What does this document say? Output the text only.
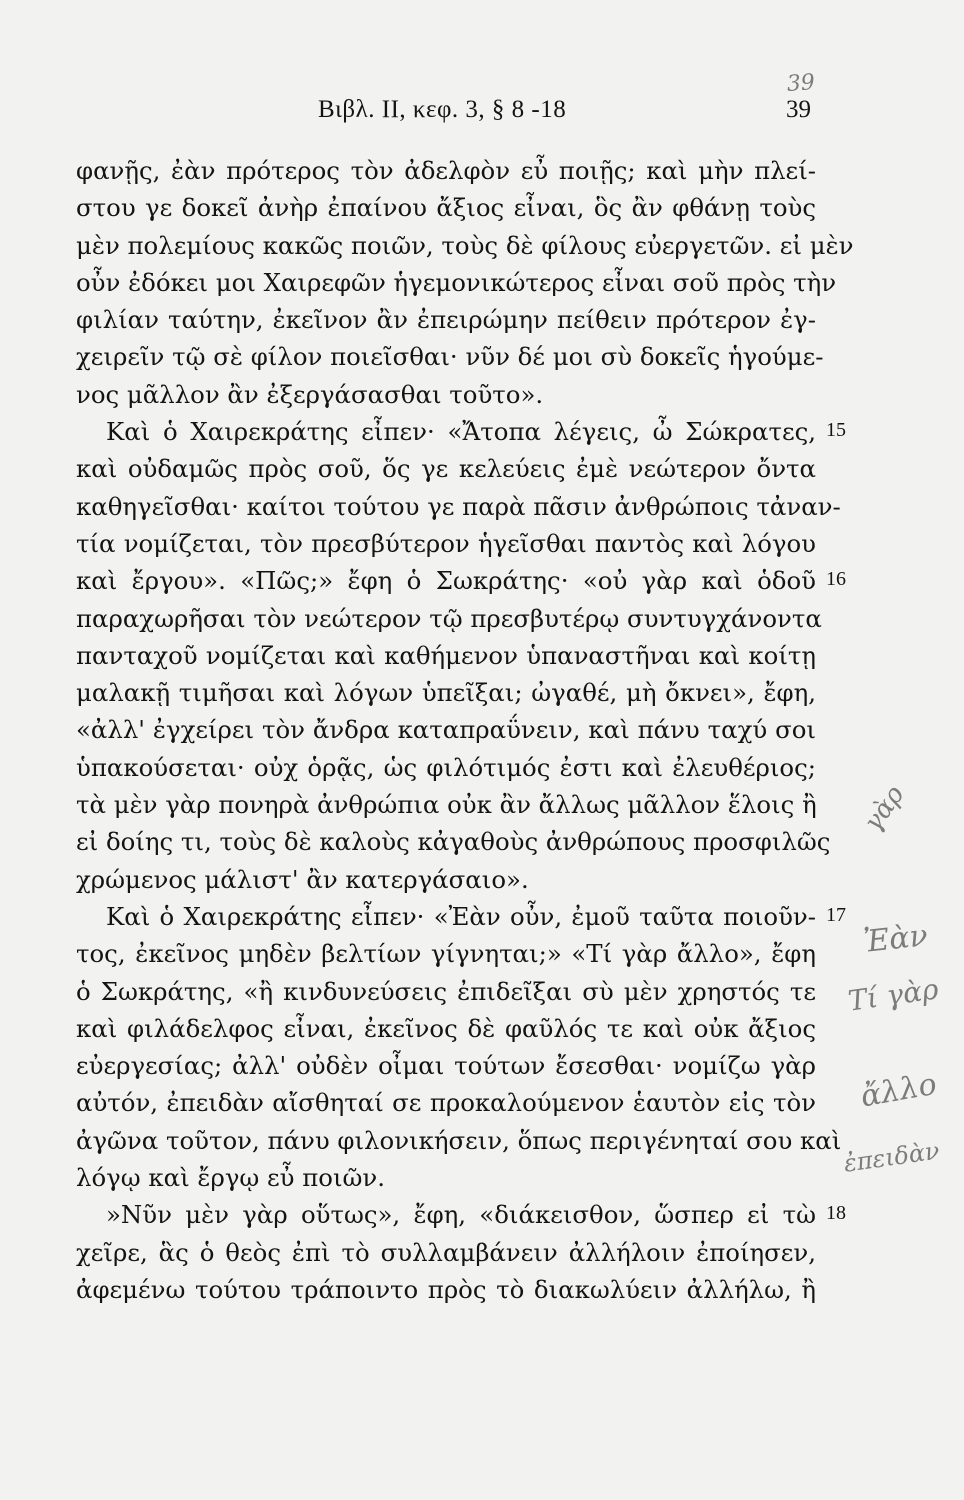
Βιβλ. ΙΙ, κεφ. 3, § 8 -18	39
φανῇς, ἐὰν πρότερος τὸν ἀδελφὸν εὖ ποιῇς; καὶ μὴν πλεί-
στου γε δοκεῖ ἀνὴρ ἐπαίνου ἄξιος εἶναι, ὃς ἂν φθάνῃ τοὺς
μὲν πολεμίους κακῶς ποιῶν, τοὺς δὲ φίλους εὐεργετῶν. εἰ μὲν
οὖν ἐδόκει μοι Χαιρεφῶν ἡγεμονικώτερος εἶναι σοῦ πρὸς τὴν
φιλίαν ταύτην, ἐκεῖνον ἂν ἐπειρώμην πείθειν πρότερον ἐγ-
χειρεῖν τῷ σὲ φίλον ποιεῖσθαι· νῦν δέ μοι σὺ δοκεῖς ἡγούμε-
νος μᾶλλον ἂν ἐξεργάσασθαι τοῦτο».
Καὶ ὁ Χαιρεκράτης εἶπεν· «Ἄτοπα λέγεις, ὦ Σώκρατες,
καὶ οὐδαμῶς πρὸς σοῦ, ὅς γε κελεύεις ἐμὲ νεώτερον ὄντα
καθηγεῖσθαι· καίτοι τούτου γε παρὰ πᾶσιν ἀνθρώποις τἀναν-
τία νομίζεται, τὸν πρεσβύτερον ἡγεῖσθαι παντὸς καὶ λόγου
καὶ ἔργου». «Πῶς;» ἔφη ὁ Σωκράτης· «οὐ γὰρ καὶ ὁδοῦ
παραχωρῆσαι τὸν νεώτερον τῷ πρεσβυτέρῳ συντυγχάνοντα
πανταχοῦ νομίζεται καὶ καθήμενον ὑπαναστῆναι καὶ κοίτῃ
μαλακῇ τιμῆσαι καὶ λόγων ὑπεῖξαι; ὠγαθέ, μὴ ὄκνει», ἔφη,
«ἀλλ' ἐγχείρει τὸν ἄνδρα καταπραΰνειν, καὶ πάνυ ταχύ σοι
ὑπακούσεται· οὐχ ὁρᾷς, ὡς φιλότιμός ἐστι καὶ ἐλευθέριος;
τὰ μὲν γὰρ πονηρὰ ἀνθρώπια οὐκ ἂν ἄλλως μᾶλλον ἕλοις ἢ
εἰ δοίης τι, τοὺς δὲ καλοὺς κἀγαθοὺς ἀνθρώπους προσφιλῶς
χρώμενος μάλιστ' ἂν κατεργάσαιο».
Καὶ ὁ Χαιρεκράτης εἶπεν· «Ἐὰν οὖν, ἐμοῦ ταῦτα ποιοῦν-
τος, ἐκεῖνος μηδὲν βελτίων γίγνηται;» «Τί γὰρ ἄλλο», ἔφη
ὁ Σωκράτης, «ἢ κινδυνεύσεις ἐπιδεῖξαι σὺ μὲν χρηστός τε
καὶ φιλάδελφος εἶναι, ἐκεῖνος δὲ φαῦλός τε καὶ οὐκ ἄξιος
εὐεργεσίας; ἀλλ' οὐδὲν οἶμαι τούτων ἔσεσθαι· νομίζω γὰρ
αὐτόν, ἐπειδὰν αἴσθηταί σε προκαλούμενον ἑαυτὸν εἰς τὸν
ἀγῶνα τοῦτον, πάνυ φιλονικήσειν, ὅπως περιγένηταί σου καὶ
λόγῳ καὶ ἔργῳ εὖ ποιῶν.
»Νῦν μὲν γὰρ οὕτως», ἔφη, «διάκεισθον, ὥσπερ εἰ τὼ
χεῖρε, ἃς ὁ θεὸς ἐπὶ τὸ συλλαμβάνειν ἀλλήλοιν ἐποίησεν,
ἀφεμένω τούτου τράποιντο πρὸς τὸ διακωλύειν ἀλλήλω, ἢ
15
16
17
18
39
γὰρ
Ἐὰν
Τί γὰρ
ἄλλο
ἐπειδὰν
